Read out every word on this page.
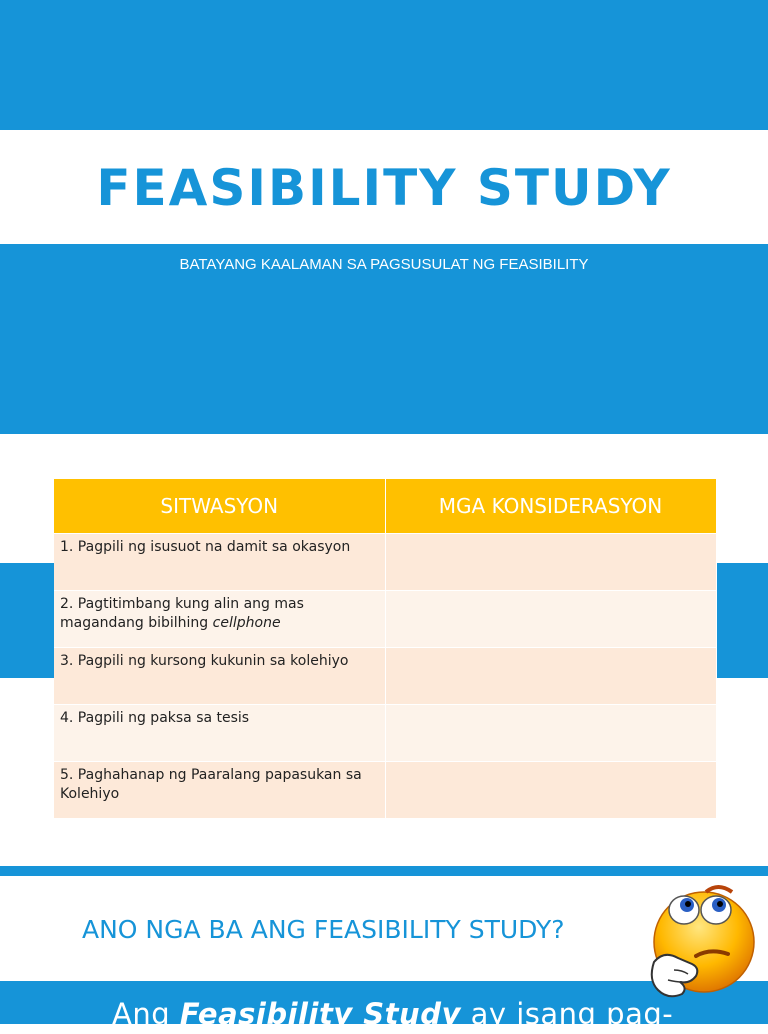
FEASIBILITY STUDY
BATAYANG KAALAMAN SA PAGSUSULAT NG FEASIBILITY
SITWASYON	MGA KONSIDERASYON
1. Pagpili ng isusuot na damit sa okasyon	
2. Pagtitimbang kung alin ang mas magandang bibilhing cellphone	
3. Pagpili ng kursong kukunin sa kolehiyo	
4. Pagpili ng paksa sa tesis	
5. Paghahanap ng Paaralang papasukan sa Kolehiyo	
ANO NGA BA ANG FEASIBILITY STUDY?
Ang Feasibility Study ay isang pag-
